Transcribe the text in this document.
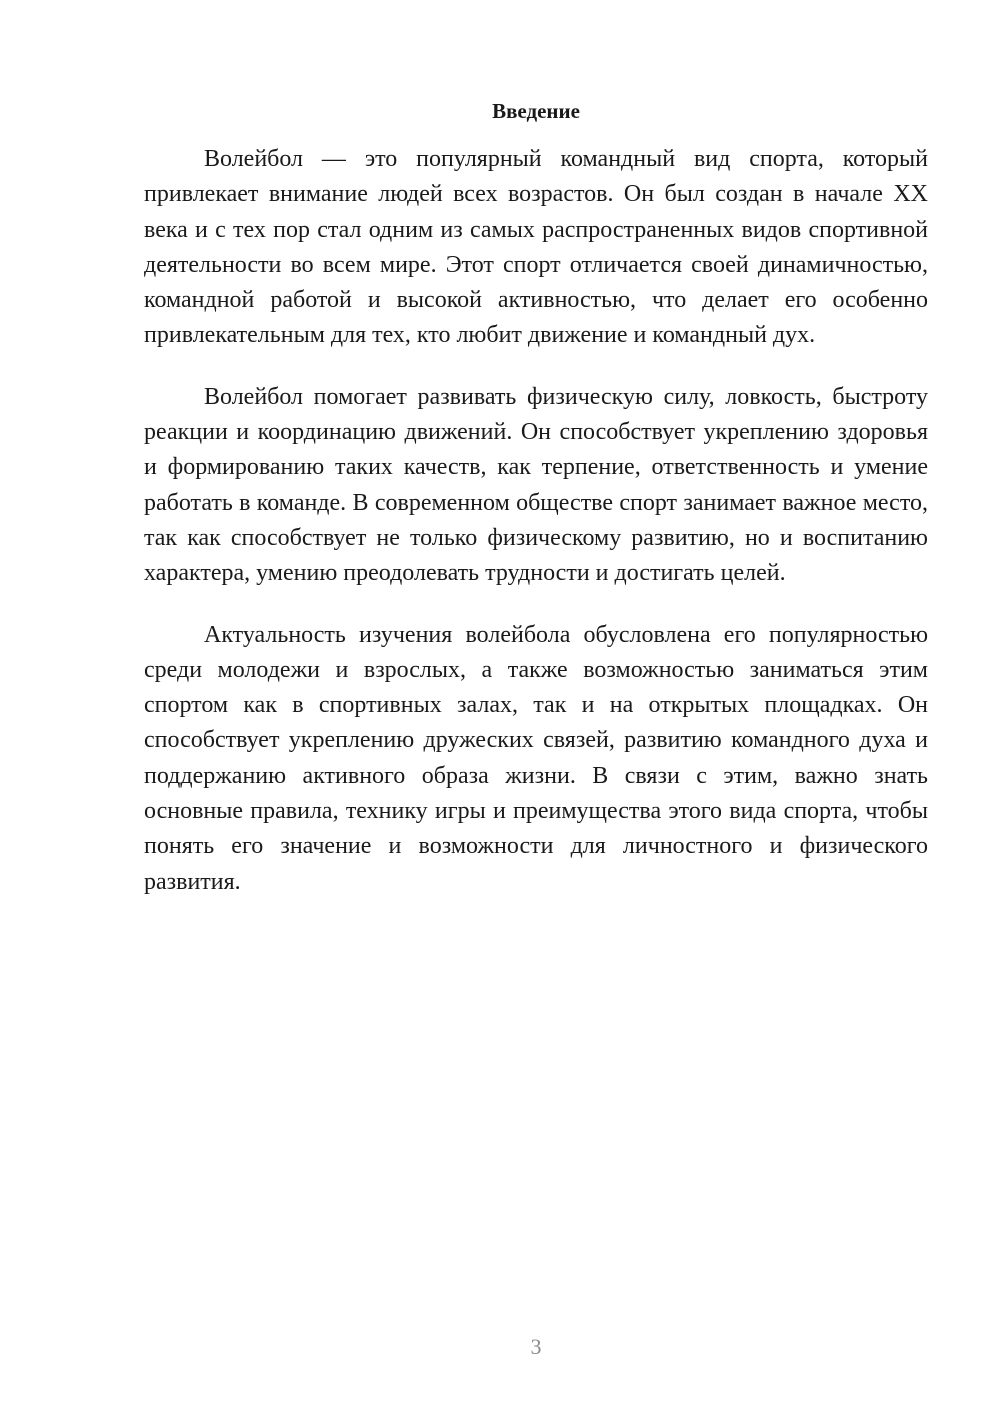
Введение

Волейбол — это популярный командный вид спорта, который привлекает внимание людей всех возрастов. Он был создан в начале XX века и с тех пор стал одним из самых распространенных видов спортивной деятельности во всем мире. Этот спорт отличается своей динамичностью, командной работой и высокой активностью, что делает его особенно привлекательным для тех, кто любит движение и командный дух.

Волейбол помогает развивать физическую силу, ловкость, быстроту реакции и координацию движений. Он способствует укреплению здоровья и формированию таких качеств, как терпение, ответственность и умение работать в команде. В современном обществе спорт занимает важное место, так как способствует не только физическому развитию, но и воспитанию характера, умению преодолевать трудности и достигать целей.

Актуальность изучения волейбола обусловлена его популярностью среди молодежи и взрослых, а также возможностью заниматься этим спортом как в спортивных залах, так и на открытых площадках. Он способствует укреплению дружеских связей, развитию командного духа и поддержанию активного образа жизни. В связи с этим, важно знать основные правила, технику игры и преимущества этого вида спорта, чтобы понять его значение и возможности для личностного и физического развития.

3
